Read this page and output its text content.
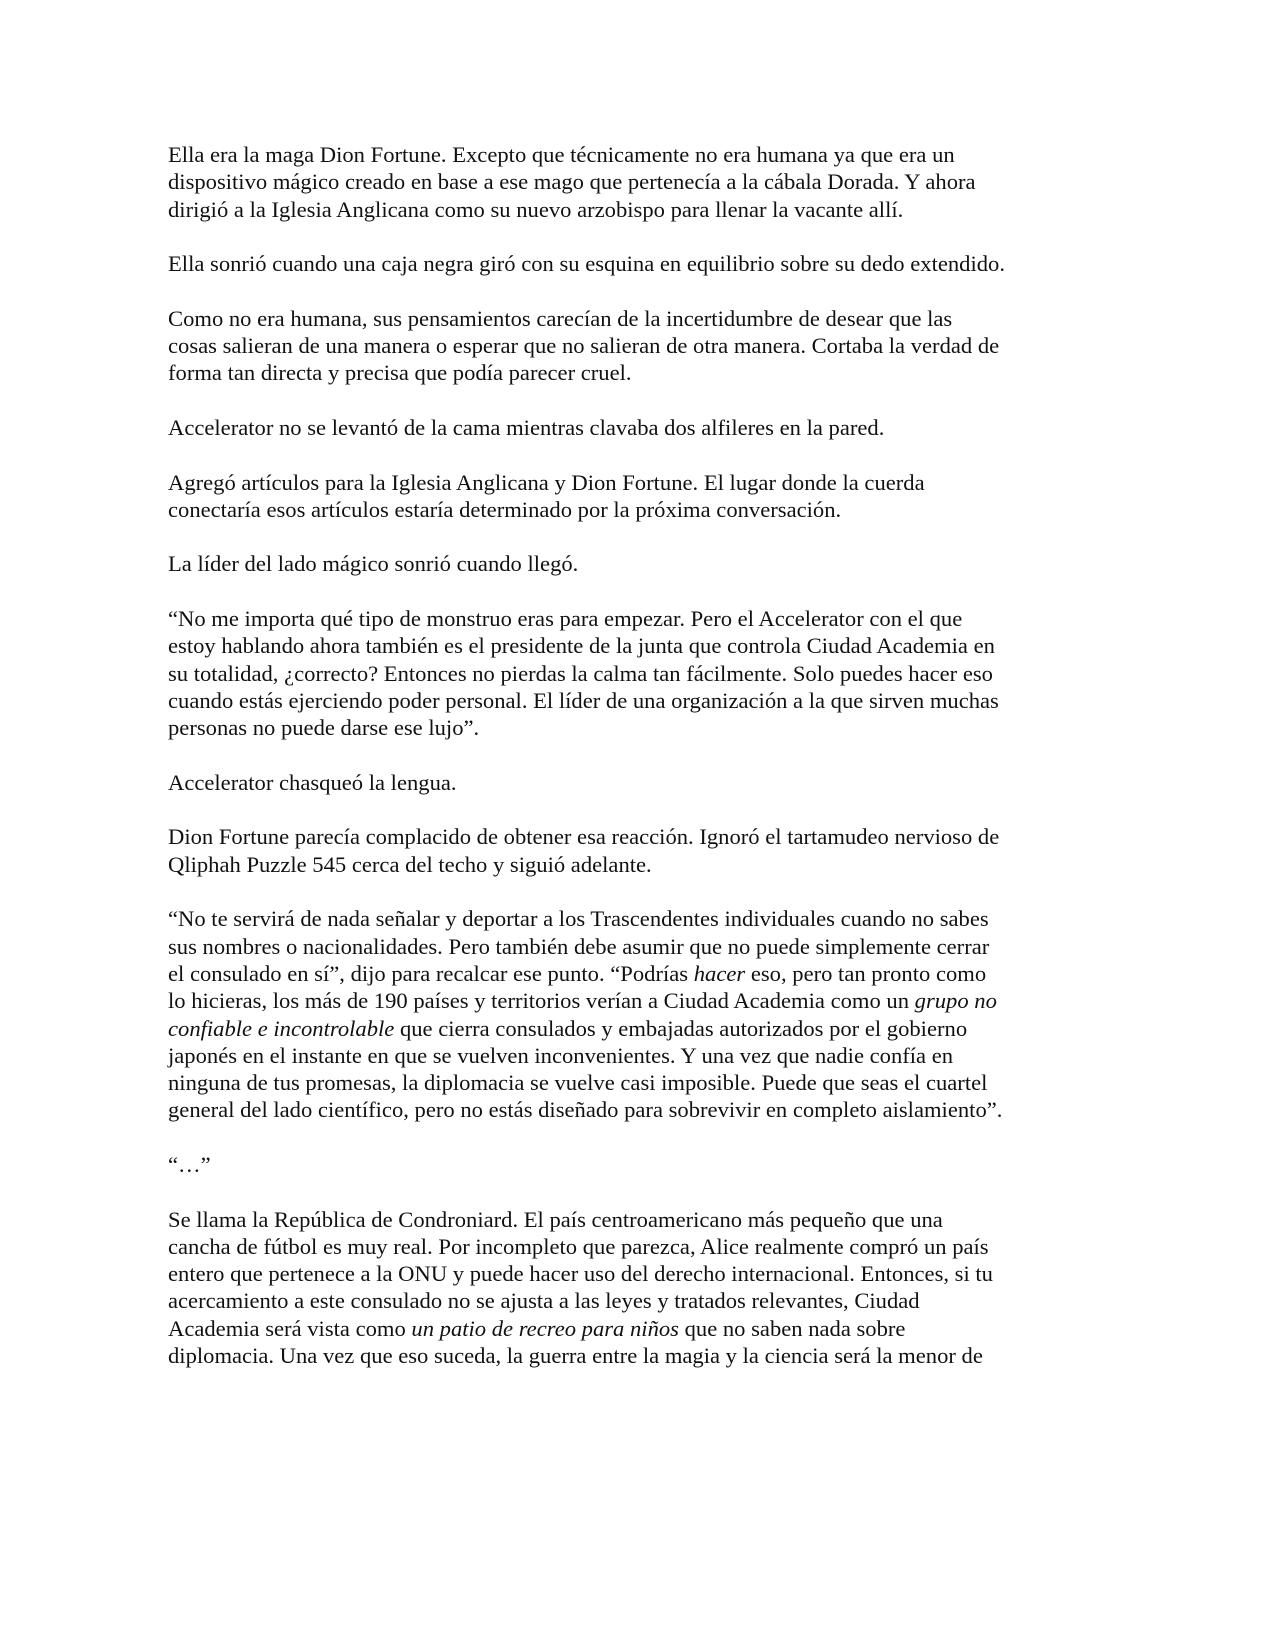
Ella era la maga Dion Fortune. Excepto que técnicamente no era humana ya que era un
dispositivo mágico creado en base a ese mago que pertenecía a la cábala Dorada. Y ahora
dirigió a la Iglesia Anglicana como su nuevo arzobispo para llenar la vacante allí.
Ella sonrió cuando una caja negra giró con su esquina en equilibrio sobre su dedo extendido.
Como no era humana, sus pensamientos carecían de la incertidumbre de desear que las
cosas salieran de una manera o esperar que no salieran de otra manera. Cortaba la verdad de
forma tan directa y precisa que podía parecer cruel.
Accelerator no se levantó de la cama mientras clavaba dos alfileres en la pared.
Agregó artículos para la Iglesia Anglicana y Dion Fortune. El lugar donde la cuerda
conectaría esos artículos estaría determinado por la próxima conversación.
La líder del lado mágico sonrió cuando llegó.
“No me importa qué tipo de monstruo eras para empezar. Pero el Accelerator con el que
estoy hablando ahora también es el presidente de la junta que controla Ciudad Academia en
su totalidad, ¿correcto? Entonces no pierdas la calma tan fácilmente. Solo puedes hacer eso
cuando estás ejerciendo poder personal. El líder de una organización a la que sirven muchas
personas no puede darse ese lujo”.
Accelerator chasqueó la lengua.
Dion Fortune parecía complacido de obtener esa reacción. Ignoró el tartamudeo nervioso de
Qliphah Puzzle 545 cerca del techo y siguió adelante.
“No te servirá de nada señalar y deportar a los Trascendentes individuales cuando no sabes
sus nombres o nacionalidades. Pero también debe asumir que no puede simplemente cerrar
el consulado en sí”, dijo para recalcar ese punto. “Podrías hacer eso, pero tan pronto como
lo hicieras, los más de 190 países y territorios verían a Ciudad Academia como un grupo no
confiable e incontrolable que cierra consulados y embajadas autorizados por el gobierno
japonés en el instante en que se vuelven inconvenientes. Y una vez que nadie confía en
ninguna de tus promesas, la diplomacia se vuelve casi imposible. Puede que seas el cuartel
general del lado científico, pero no estás diseñado para sobrevivir en completo aislamiento”.
“…”
Se llama la República de Condroniard. El país centroamericano más pequeño que una
cancha de fútbol es muy real. Por incompleto que parezca, Alice realmente compró un país
entero que pertenece a la ONU y puede hacer uso del derecho internacional. Entonces, si tu
acercamiento a este consulado no se ajusta a las leyes y tratados relevantes, Ciudad
Academia será vista como un patio de recreo para niños que no saben nada sobre
diplomacia. Una vez que eso suceda, la guerra entre la magia y la ciencia será la menor de
